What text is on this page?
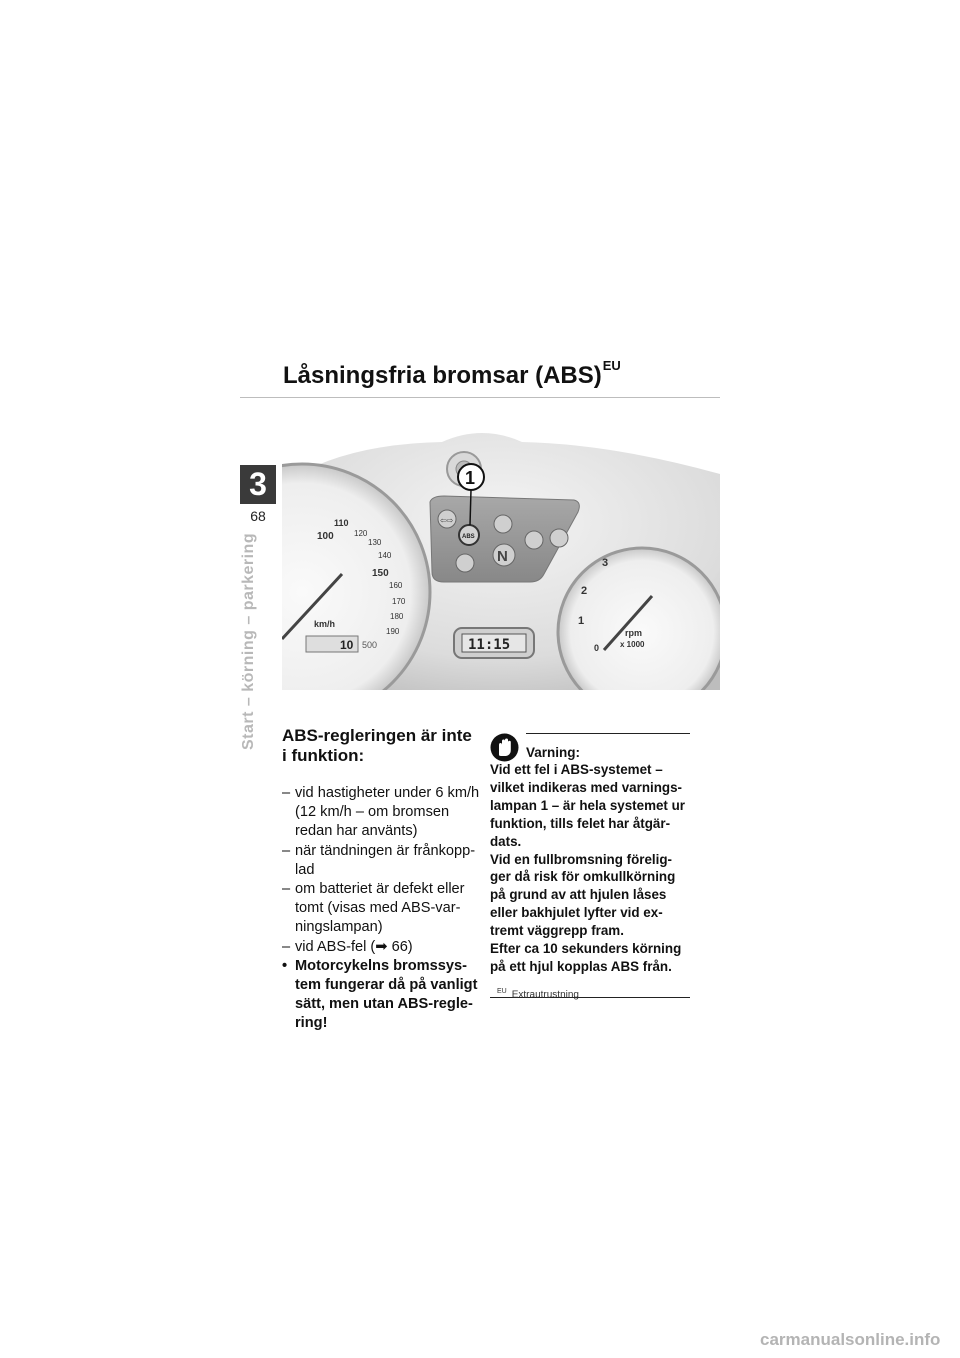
Låsningsfria bromsar (ABS)$^{EU}$
3
68
Start – körning – parkering	100
110
120
130
140
150
160
170
180
190
km/h
10 500
⇦⇨
ABS
N
1
11:15
1
2
3
0
rpm
x 1000
ABS-regleringen är inte i funktion:
– vid hastigheter under 6 km/h (12 km/h – om bromsen redan har använts)
– när tändningen är frånkopp-lad
– om batteriet är defekt eller tomt (visas med ABS-var-ningslampan)
– vid ABS-fel (➡ 66)
• Motorcykelns bromssys-tem fungerar då på vanligt sätt, men utan ABS-regle-ring!
Varning:

Vid ett fel i ABS-systemet – vilket indikeras med varnings-lampan 1 – är hela systemet ur funktion, tills felet har åtgär-dats.

Vid en fullbromsning förelig-ger då risk för omkullkörning på grund av att hjulen låses eller bakhjulet lyfter vid ex-tremt väggrepp fram.

Efter ca 10 sekunders körning på ett hjul kopplas ABS från.

$^{EU}$ Extrautrustning
carmanualsonline.info
